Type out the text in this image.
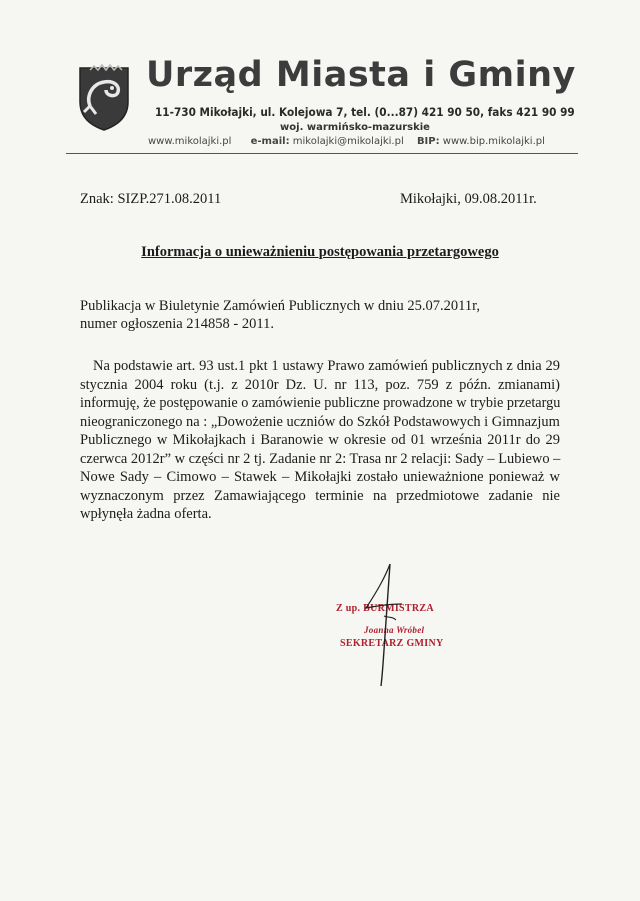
Urząd Miasta i Gminy
11-730 Mikołajki, ul. Kolejowa 7, tel. (0...87) 421 90 50, faks 421 90 99
woj. warmińsko-mazurskie
www.mikolajki.pl e-mail: mikolajki@mikolajki.pl BIP: www.bip.mikolajki.pl
Znak: SIZP.271.08.2011	Mikołajki, 09.08.2011r.
Informacja o unieważnieniu postępowania przetargowego
Publikacja w Biuletynie Zamówień Publicznych w dniu 25.07.2011r,
numer ogłoszenia 214858 - 2011.
Na podstawie art. 93 ust.1 pkt 1 ustawy Prawo zamówień publicznych z dnia 29
stycznia 2004 roku (t.j. z 2010r Dz. U. nr 113, poz. 759 z późn. zmianami)
informuję, że postępowanie o zamówienie publiczne prowadzone w trybie przetargu
nieograniczonego na : „Dowożenie uczniów do Szkół Podstawowych i Gimnazjum
Publicznego w Mikołajkach i Baranowie w okresie od 01 września 2011r do 29
czerwca 2012r” w części nr 2 tj. Zadanie nr 2: Trasa nr 2 relacji: Sady – Lubiewo –
Nowe Sady – Cimowo – Stawek – Mikołajki zostało unieważnione ponieważ w
wyznaczonym przez Zamawiającego terminie na przedmiotowe zadanie nie
wpłynęła żadna oferta.
Z up. BURMISTRZA
Joanna Wróbel
SEKRETARZ GMINY
